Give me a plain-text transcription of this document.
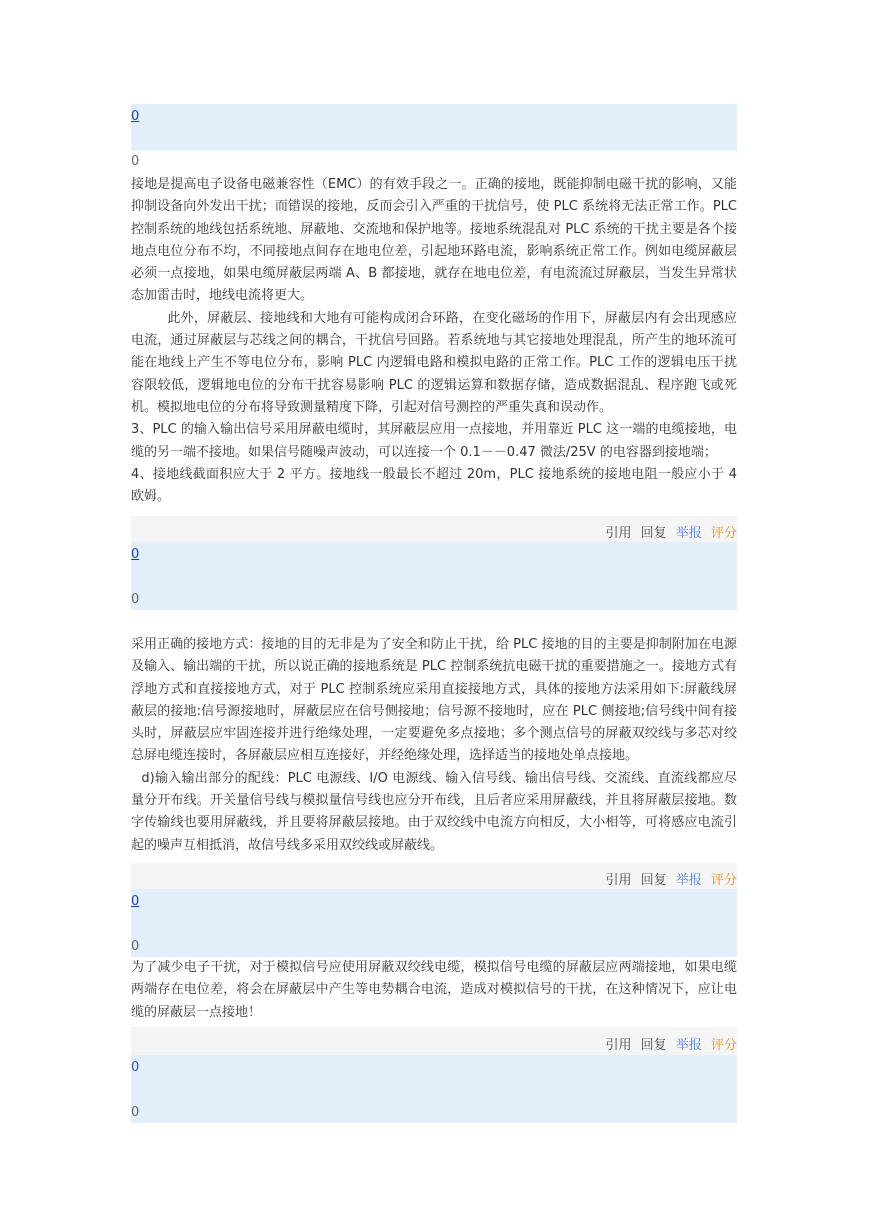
0
0

接地是提高电子设备电磁兼容性（EMC）的有效手段之一。正确的接地，既能抑制电磁干扰的影响，又能抑制设备向外发出干扰；而错误的接地，反而会引入严重的干扰信号，使 PLC 系统将无法正常工作。PLC 控制系统的地线包括系统地、屏蔽地、交流地和保护地等。接地系统混乱对 PLC 系统的干扰主要是各个接地点电位分布不均，不同接地点间存在地电位差，引起地环路电流，影响系统正常工作。例如电缆屏蔽层必须一点接地，如果电缆屏蔽层两端 A、B 都接地，就存在地电位差，有电流流过屏蔽层，当发生异常状态加雷击时，地线电流将更大。

此外，屏蔽层、接地线和大地有可能构成闭合环路，在变化磁场的作用下，屏蔽层内有会出现感应电流，通过屏蔽层与芯线之间的耦合，干扰信号回路。若系统地与其它接地处理混乱，所产生的地环流可能在地线上产生不等电位分布，影响 PLC 内逻辑电路和模拟电路的正常工作。PLC 工作的逻辑电压干扰容限较低，逻辑地电位的分布干扰容易影响 PLC 的逻辑运算和数据存储，造成数据混乱、程序跑飞或死机。模拟地电位的分布将导致测量精度下降，引起对信号测控的严重失真和误动作。

3、PLC 的输入输出信号采用屏蔽电缆时，其屏蔽层应用一点接地，并用靠近 PLC 这一端的电缆接地，电缆的另一端不接地。如果信号随噪声波动，可以连接一个 0.1－－0.47 微法/25V 的电容器到接地端；

4、接地线截面积应大于 2 平方。接地线一般最长不超过 20m，PLC 接地系统的接地电阻一般应小于 4 欧姆。

引用 回复 举报 评分
0
0

采用正确的接地方式：接地的目的无非是为了安全和防止干扰，给 PLC 接地的目的主要是抑制附加在电源及输入、输出端的干扰，所以说正确的接地系统是 PLC 控制系统抗电磁干扰的重要措施之一。接地方式有浮地方式和直接接地方式，对于 PLC 控制系统应采用直接接地方式，具体的接地方法采用如下:屏蔽线屏蔽层的接地:信号源接地时，屏蔽层应在信号侧接地；信号源不接地时，应在 PLC 侧接地;信号线中间有接头时，屏蔽层应牢固连接并进行绝缘处理，一定要避免多点接地；多个测点信号的屏蔽双绞线与多芯对绞总屏电缆连接时，各屏蔽层应相互连接好，并经绝缘处理，选择适当的接地处单点接地。

d)输入输出部分的配线：PLC 电源线、I/O 电源线、输入信号线、输出信号线、交流线、直流线都应尽量分开布线。开关量信号线与模拟量信号线也应分开布线，且后者应采用屏蔽线，并且将屏蔽层接地。数字传输线也要用屏蔽线，并且要将屏蔽层接地。由于双绞线中电流方向相反，大小相等，可将感应电流引起的噪声互相抵消，故信号线多采用双绞线或屏蔽线。

引用 回复 举报 评分
0
0

为了减少电子干扰，对于模拟信号应使用屏蔽双绞线电缆，模拟信号电缆的屏蔽层应两端接地，如果电缆两端存在电位差，将会在屏蔽层中产生等电势耦合电流，造成对模拟信号的干扰，在这种情况下，应让电缆的屏蔽层一点接地！

引用 回复 举报 评分
0
0
